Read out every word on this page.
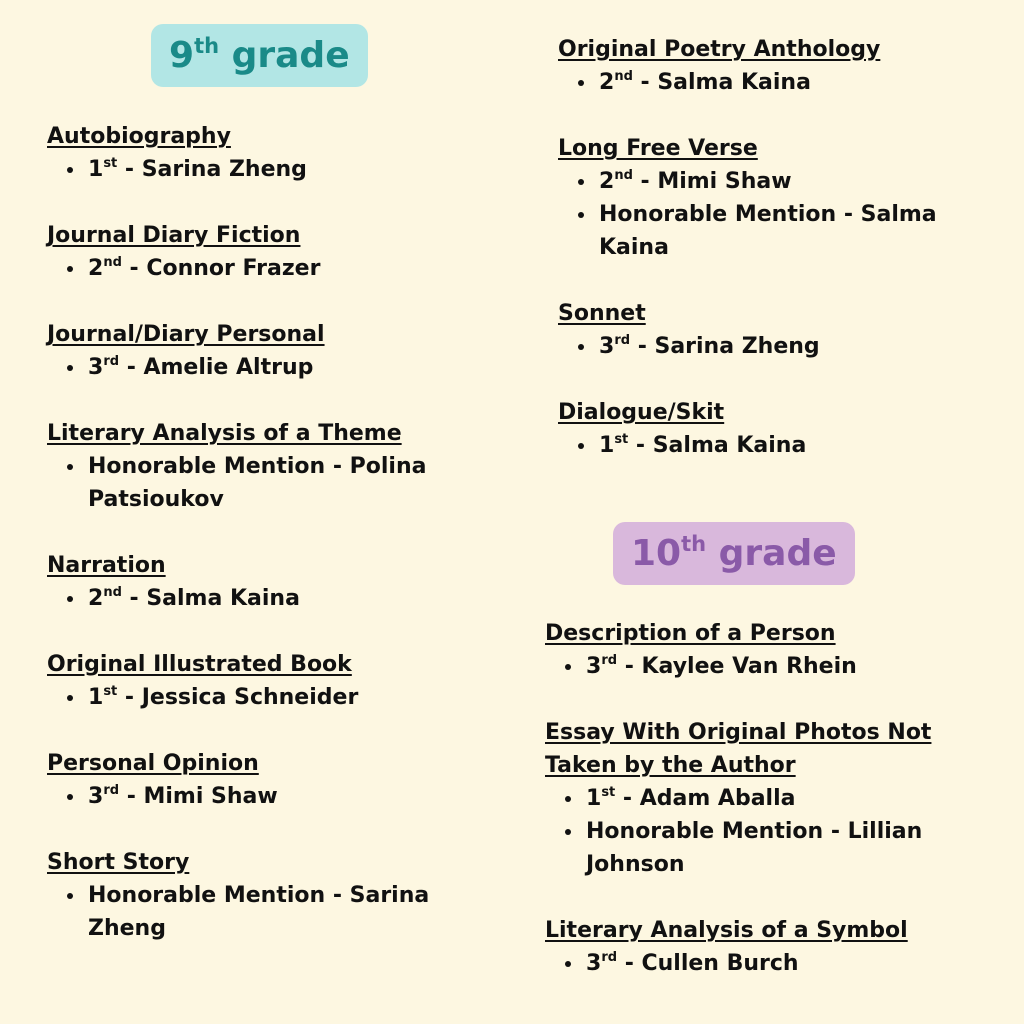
9th grade
Autobiography
1st - Sarina Zheng
Journal Diary Fiction
2nd - Connor Frazer
Journal/Diary Personal
3rd - Amelie Altrup
Literary Analysis of a Theme
Honorable Mention - Polina Patsioukov
Narration
2nd - Salma Kaina
Original Illustrated Book
1st - Jessica Schneider
Personal Opinion
3rd - Mimi Shaw
Short Story
Honorable Mention - Sarina Zheng
Original Poetry Anthology
2nd - Salma Kaina
Long Free Verse
2nd - Mimi Shaw
Honorable Mention - Salma Kaina
Sonnet
3rd - Sarina Zheng
Dialogue/Skit
1st - Salma Kaina
10th grade
Description of a Person
3rd - Kaylee Van Rhein
Essay With Original Photos Not Taken by the Author
1st - Adam Aballa
Honorable Mention - Lillian Johnson
Literary Analysis of a Symbol
3rd - Cullen Burch
